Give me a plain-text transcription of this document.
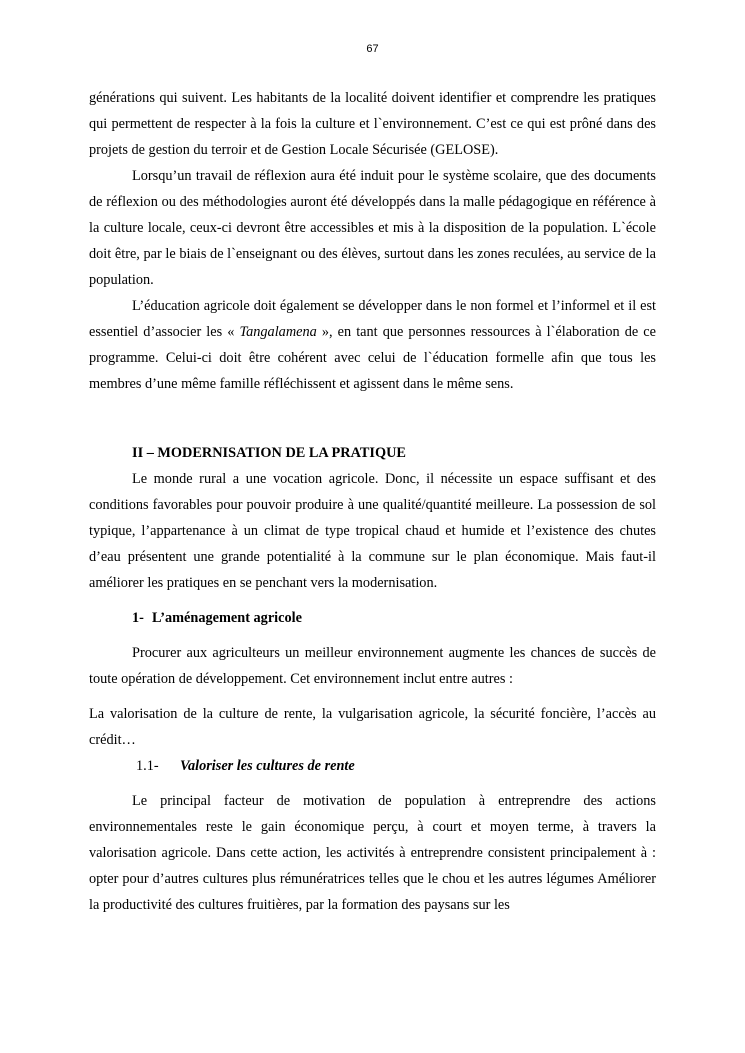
67

générations qui suivent. Les habitants de la localité doivent identifier et comprendre les pratiques qui permettent de respecter à la fois la culture et l`environnement. C’est ce qui est prôné dans des projets de gestion du terroir et de Gestion Locale Sécurisée (GELOSE).

Lorsqu’un travail de réflexion aura été induit pour le système scolaire, que des documents de réflexion ou des méthodologies auront été développés dans la malle pédagogique en référence à la culture locale, ceux-ci devront être accessibles et mis à la disposition de la population. L`école doit être, par le biais de l`enseignant ou des élèves, surtout dans les zones reculées, au service de la population.

L’éducation agricole doit également se développer dans le non formel et l’informel et il est essentiel d’associer les « Tangalamena », en tant que personnes ressources à l`élaboration de ce programme. Celui-ci doit être cohérent avec celui de l`éducation formelle afin que tous les membres d’une même famille réfléchissent et agissent dans le même sens.

II – MODERNISATION DE LA PRATIQUE

Le monde rural a une vocation agricole. Donc, il nécessite un espace suffisant et des conditions favorables pour pouvoir produire à une qualité/quantité meilleure. La possession de sol typique, l’appartenance à un climat de type tropical chaud et humide et l’existence des chutes d’eau présentent une grande potentialité à la commune sur le plan économique. Mais faut-il améliorer les pratiques en se penchant vers la modernisation.

1- L’aménagement agricole

Procurer aux agriculteurs un meilleur environnement augmente les chances de succès de toute opération de développement. Cet environnement inclut entre autres :

La valorisation de la culture de rente, la vulgarisation agricole, la sécurité foncière, l’accès au crédit…

1.1- Valoriser les cultures de rente

Le principal facteur de motivation de population à entreprendre des actions environnementales reste le gain économique perçu, à court et moyen terme, à travers la valorisation agricole. Dans cette action, les activités à entreprendre consistent principalement à : opter pour d’autres cultures plus rémunératrices telles que le chou et les autres légumes Améliorer la productivité des cultures fruitières, par la formation des paysans sur les
